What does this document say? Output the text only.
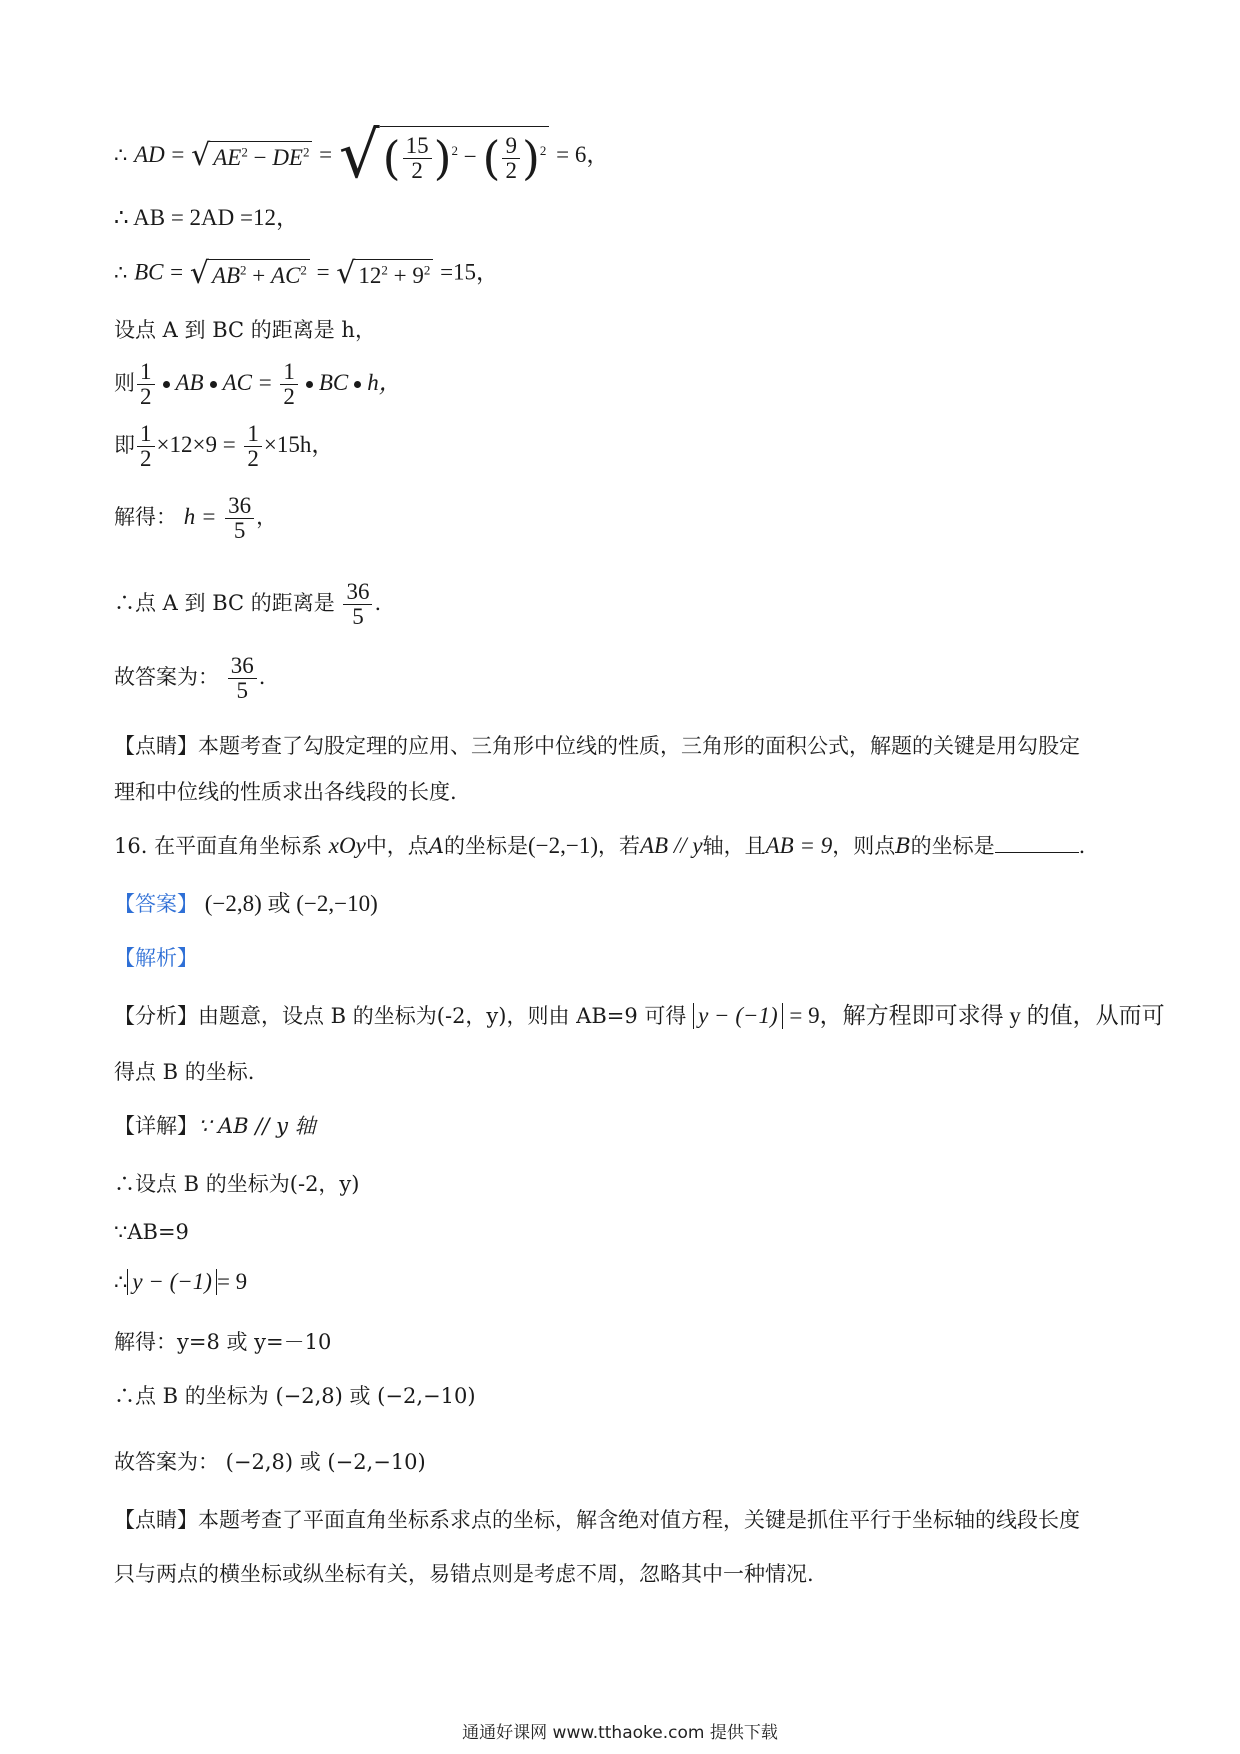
∴ AD = √ $AE^2 - DE^2$ = √( $\frac{15}{2} )^2$ − ( $\frac{9}{2} )^2 = 6$，
∴ AB = 2AD =12，
∴ BC = √ $AB^2 + AC^2$ = √ $12^2 + 9^2 =15$，
设点 A 到 BC 的距离是 h，
则 $\frac{1}{2}$ AB AC = $\frac{1}{2}$ BC h，
即 $\frac{1}{2} \times 12\times 9 = \frac{1}{2} \times 15h$，
解得： $h = \frac{36}{5}$ ，
∴点 A 到 BC 的距离是 $\frac{36}{5}$ .
故答案为： $\frac{36}{5}$ .
【点睛】本题考查了勾股定理的应用、三角形中位线的性质，三角形的面积公式，解题的关键是用勾股定
理和中位线的性质求出各线段的长度.
16. 在平面直角坐标系 xOy中，点A的坐标是(−2,−1)，若AB // y轴，且AB = 9，则点B的坐标是	.
【答案】 (−2,8) 或 (−2,−10)
【解析】
【分析】由题意，设点 B 的坐标为(-2，y)，则由 AB=9 可得 y − (−1) = 9，解方程即可求得 y 的值，从而可
得点 B 的坐标.
【详解】∵ AB // y 轴
∴设点 B 的坐标为(-2，y)
∵AB=9
∴ y − (−1) = 9
解得：y=8 或 y=－10
∴点 B 的坐标为 (−2,8) 或 (−2,−10)
故答案为： (−2,8) 或 (−2,−10)
【点睛】本题考查了平面直角坐标系求点的坐标，解含绝对值方程，关键是抓住平行于坐标轴的线段长度
只与两点的横坐标或纵坐标有关，易错点则是考虑不周，忽略其中一种情况.
通通好课网 www.tthaoke.com 提供下载
